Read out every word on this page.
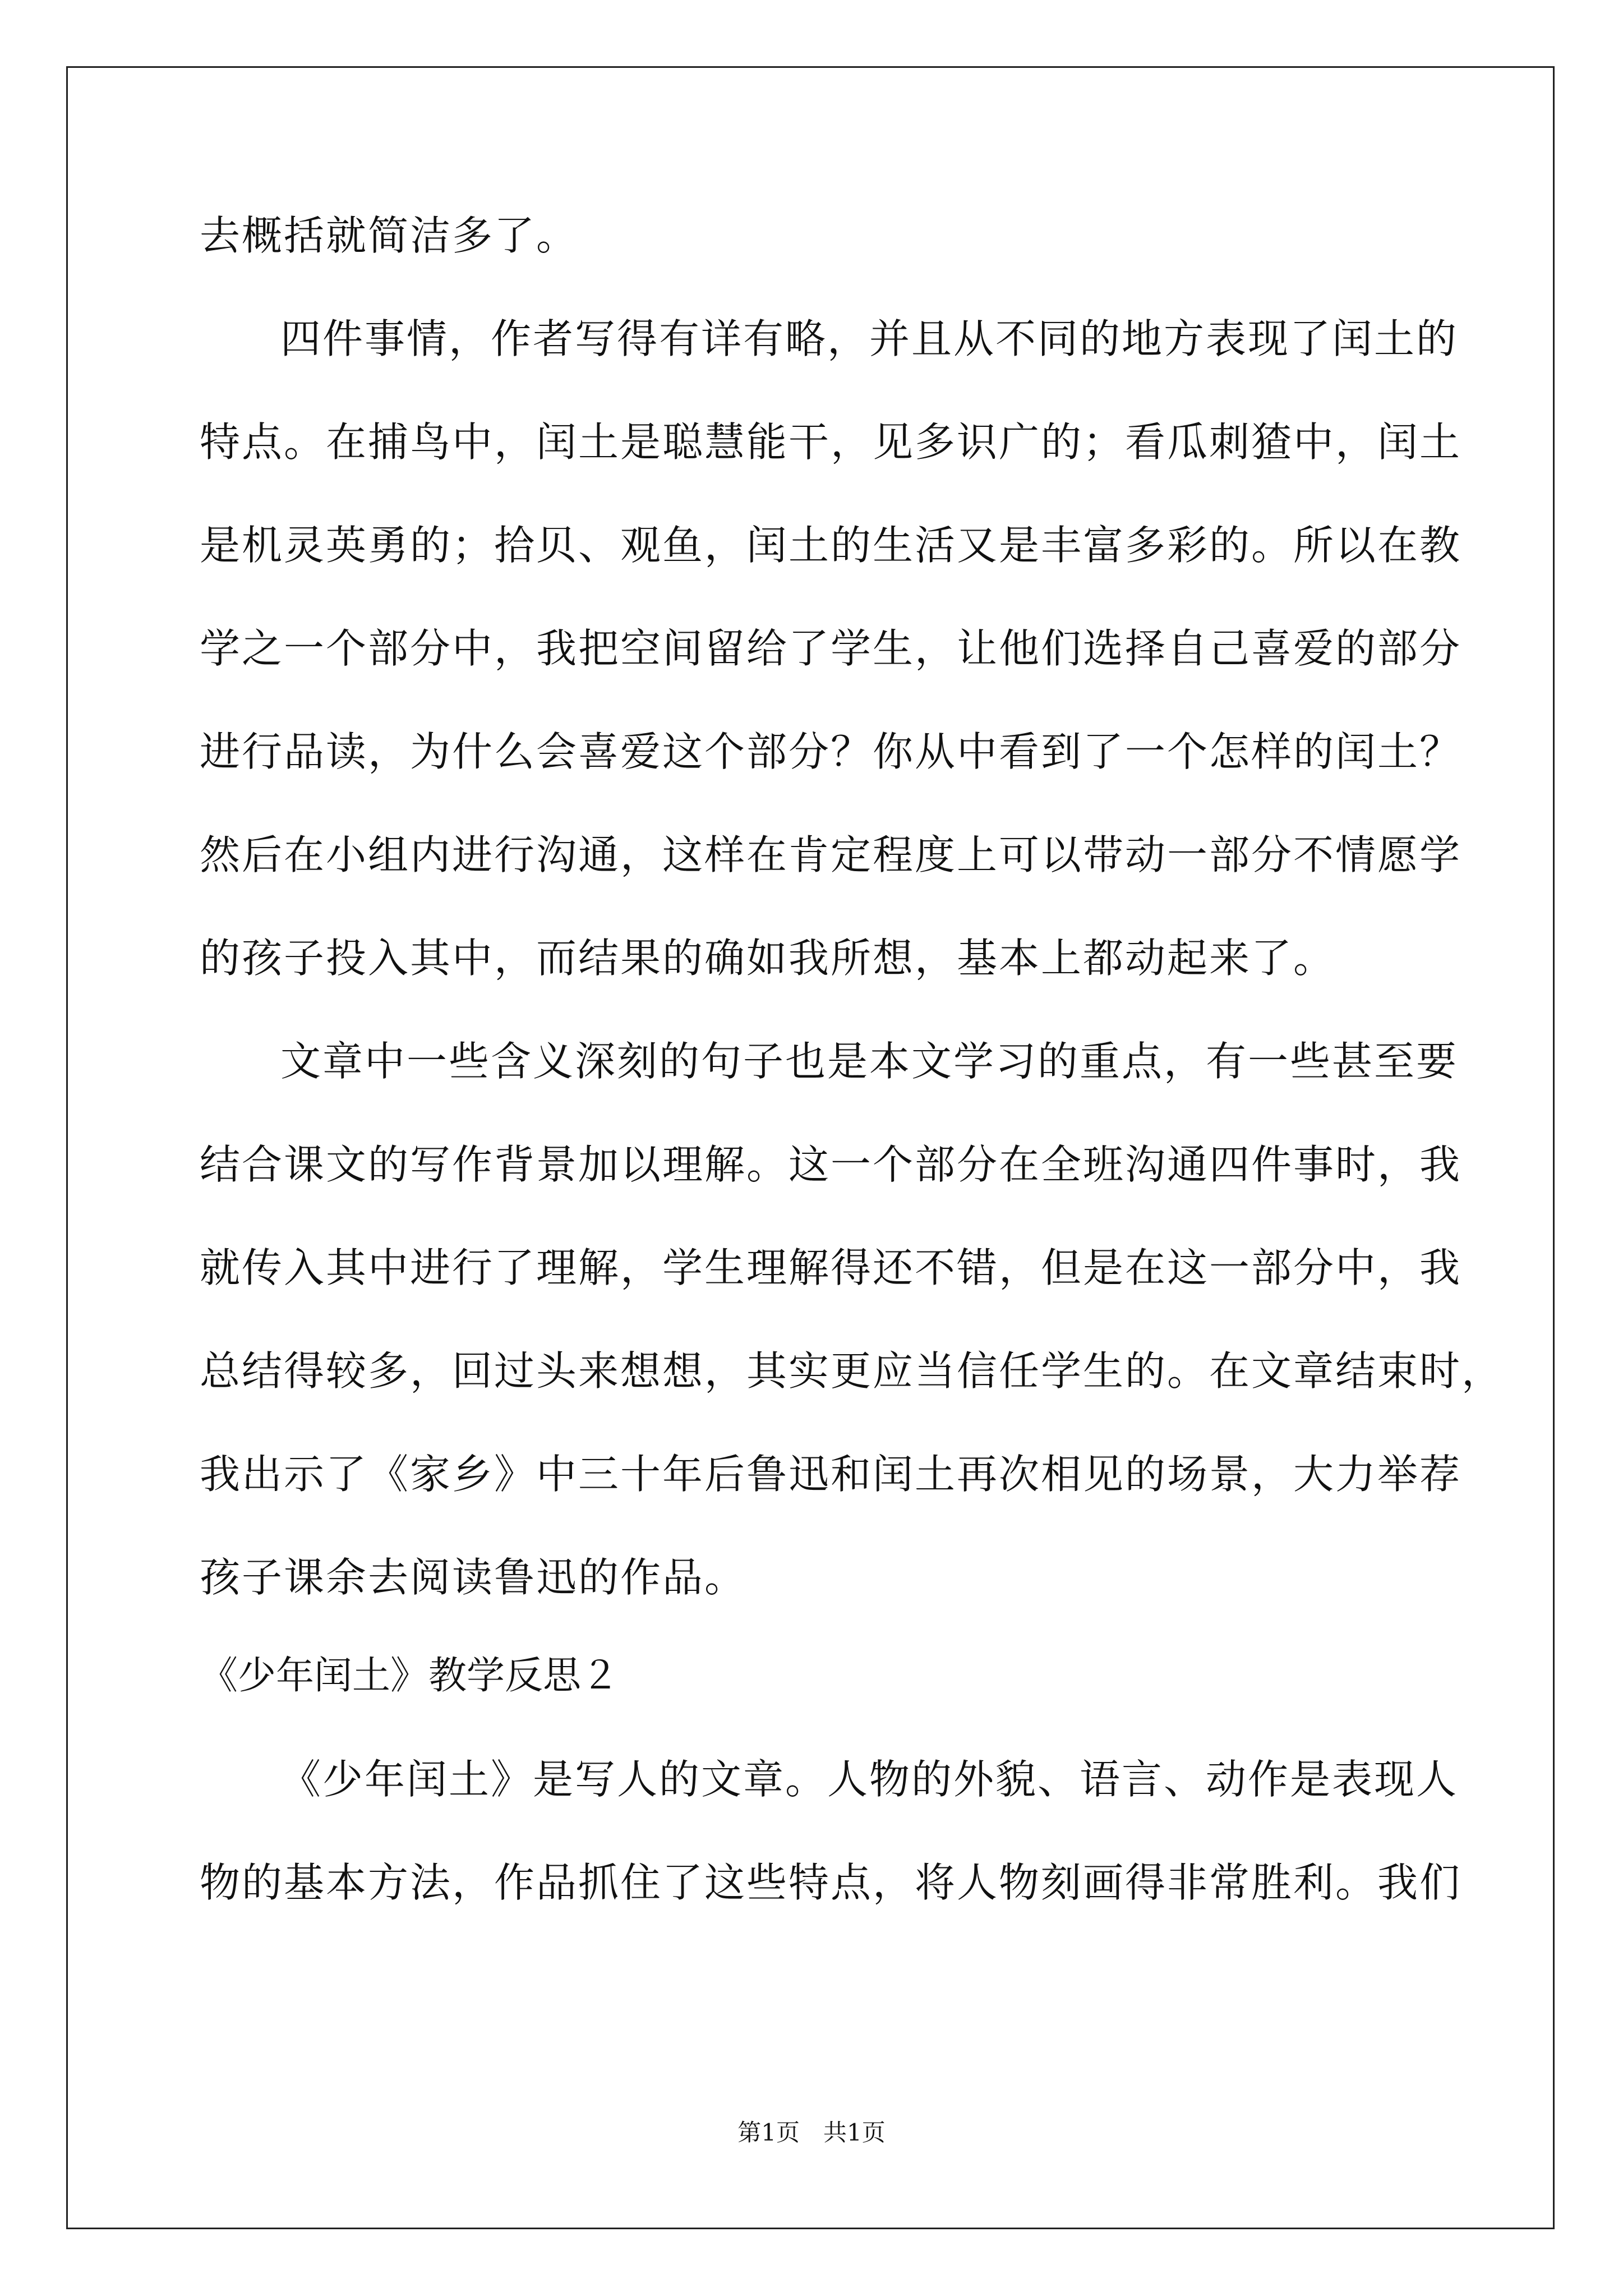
去概括就简洁多了。
四件事情，作者写得有详有略，并且从不同的地方表现了闰土的
特点。在捕鸟中，闰土是聪慧能干，见多识广的；看瓜刺猹中，闰土
是机灵英勇的；拾贝、观鱼，闰土的生活又是丰富多彩的。所以在教
学之一个部分中，我把空间留给了学生，让他们选择自己喜爱的部分
进行品读，为什么会喜爱这个部分？你从中看到了一个怎样的闰土？
然后在小组内进行沟通，这样在肯定程度上可以带动一部分不情愿学
的孩子投入其中，而结果的确如我所想，基本上都动起来了。
文章中一些含义深刻的句子也是本文学习的重点，有一些甚至要
结合课文的写作背景加以理解。这一个部分在全班沟通四件事时，我
就传入其中进行了理解，学生理解得还不错，但是在这一部分中，我
总结得较多，回过头来想想，其实更应当信任学生的。在文章结束时，
我出示了《家乡》中三十年后鲁迅和闰土再次相见的场景，大力举荐
孩子课余去阅读鲁迅的作品。
《少年闰土》教学反思２
《少年闰土》是写人的文章。人物的外貌、语言、动作是表现人
物的基本方法，作品抓住了这些特点，将人物刻画得非常胜利。我们
第1页　共1页
